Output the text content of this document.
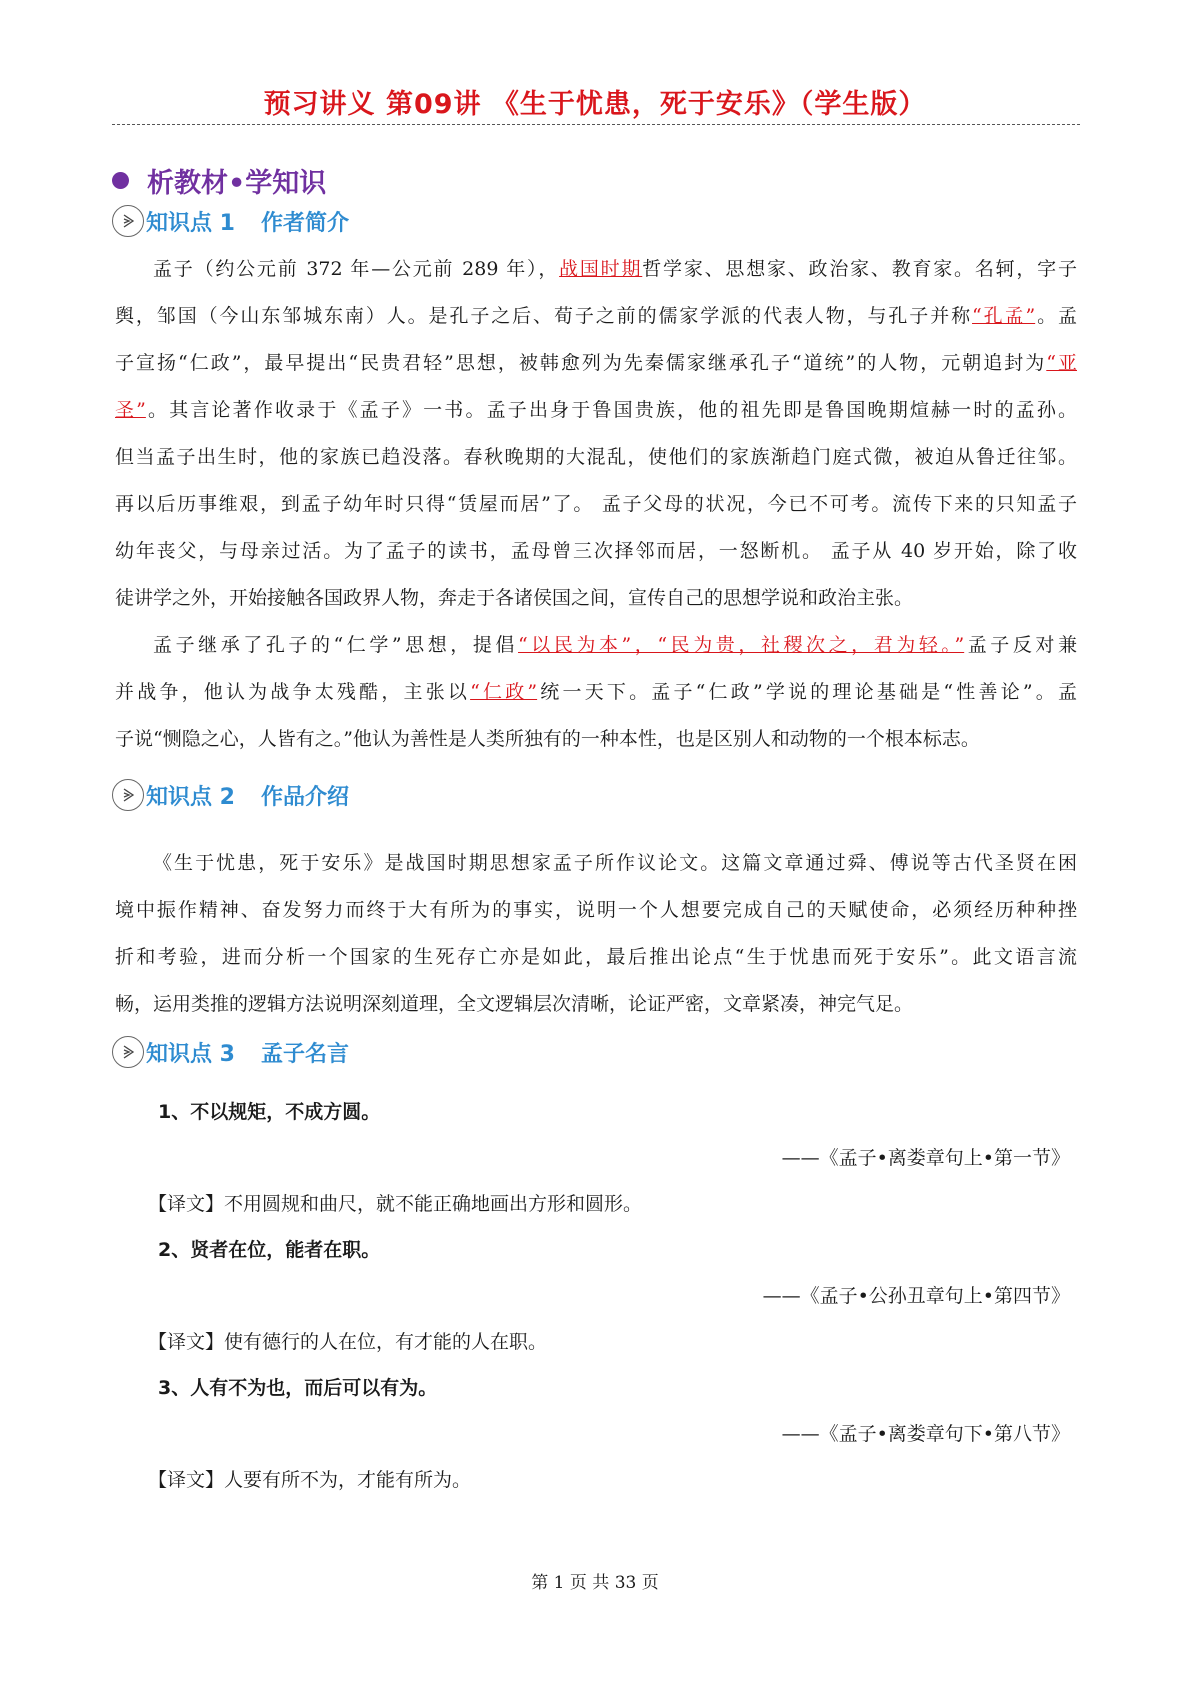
预习讲义 第09讲 《生于忧患，死于安乐》（学生版）
析教材•学知识
知识点 1 作者简介
孟子（约公元前 372 年—公元前 289 年），战国时期哲学家、思想家、政治家、教育家。名轲，字子
舆，邹国（今山东邹城东南）人。是孔子之后、荀子之前的儒家学派的代表人物，与孔子并称“孔孟”。孟
子宣扬“仁政”，最早提出“民贵君轻”思想，被韩愈列为先秦儒家继承孔子“道统”的人物，元朝追封为“亚
圣”。其言论著作收录于《孟子》一书。孟子出身于鲁国贵族，他的祖先即是鲁国晚期煊赫一时的孟孙。
但当孟子出生时，他的家族已趋没落。春秋晚期的大混乱，使他们的家族渐趋门庭式微，被迫从鲁迁往邹。
再以后历事维艰，到孟子幼年时只得“赁屋而居”了。 孟子父母的状况，今已不可考。流传下来的只知孟子
幼年丧父，与母亲过活。为了孟子的读书，孟母曾三次择邻而居，一怒断机。 孟子从 40 岁开始，除了收
徒讲学之外，开始接触各国政界人物，奔走于各诸侯国之间，宣传自己的思想学说和政治主张。
孟子继承了孔子的“仁学”思想，提倡“以民为本”，“民为贵，社稷次之，君为轻。”孟子反对兼
并战争，他认为战争太残酷，主张以“仁政”统一天下。孟子“仁政”学说的理论基础是“性善论”。孟
子说“恻隐之心，人皆有之。”他认为善性是人类所独有的一种本性，也是区别人和动物的一个根本标志。
知识点 2 作品介绍
《生于忧患，死于安乐》是战国时期思想家孟子所作议论文。这篇文章通过舜、傅说等古代圣贤在困
境中振作精神、奋发努力而终于大有所为的事实，说明一个人想要完成自己的天赋使命，必须经历种种挫
折和考验，进而分析一个国家的生死存亡亦是如此，最后推出论点“生于忧患而死于安乐”。此文语言流
畅，运用类推的逻辑方法说明深刻道理，全文逻辑层次清晰，论证严密，文章紧凑，神完气足。
知识点 3 孟子名言
1、不以规矩，不成方圆。
——《孟子•离娄章句上•第一节》
【译文】不用圆规和曲尺，就不能正确地画出方形和圆形。
2、贤者在位，能者在职。
——《孟子•公孙丑章句上•第四节》
【译文】使有德行的人在位，有才能的人在职。
3、人有不为也，而后可以有为。
——《孟子•离娄章句下•第八节》
【译文】人要有所不为，才能有所为。
第 1 页 共 33 页
